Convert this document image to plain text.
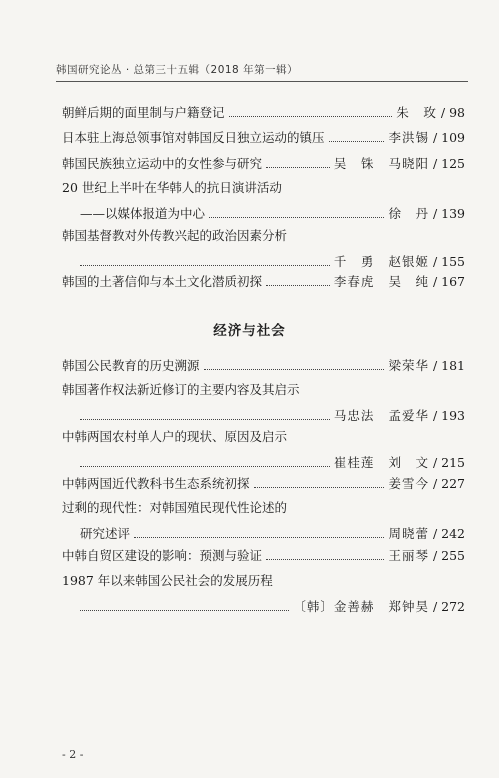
韩国研究论丛 · 总第三十五辑（2018 年第一辑）
朝鲜后期的面里制与户籍登记	朱　玫 / 98
日本驻上海总领事馆对韩国反日独立运动的镇压	李洪锡 / 109
韩国民族独立运动中的女性参与研究	吴　铢 马晓阳 / 125
20 世纪上半叶在华韩人的抗日演讲活动
——以媒体报道为中心	徐　丹 / 139
韩国基督教对外传教兴起的政治因素分析
千　勇 赵银姬 / 155
韩国的土著信仰与本土文化潜质初探	李春虎 吴　纯 / 167
经济与社会
韩国公民教育的历史溯源	梁荣华 / 181
韩国著作权法新近修订的主要内容及其启示
马忠法 孟爱华 / 193
中韩两国农村单人户的现状、原因及启示
崔桂莲 刘　文 / 215
中韩两国近代教科书生态系统初探	姜雪今 / 227
过剩的现代性：对韩国殖民现代性论述的
研究述评	周晓蕾 / 242
中韩自贸区建设的影响：预测与验证	王丽琴 / 255
1987 年以来韩国公民社会的发展历程
〔韩〕金善赫 郑钟昊 / 272
- 2 -
